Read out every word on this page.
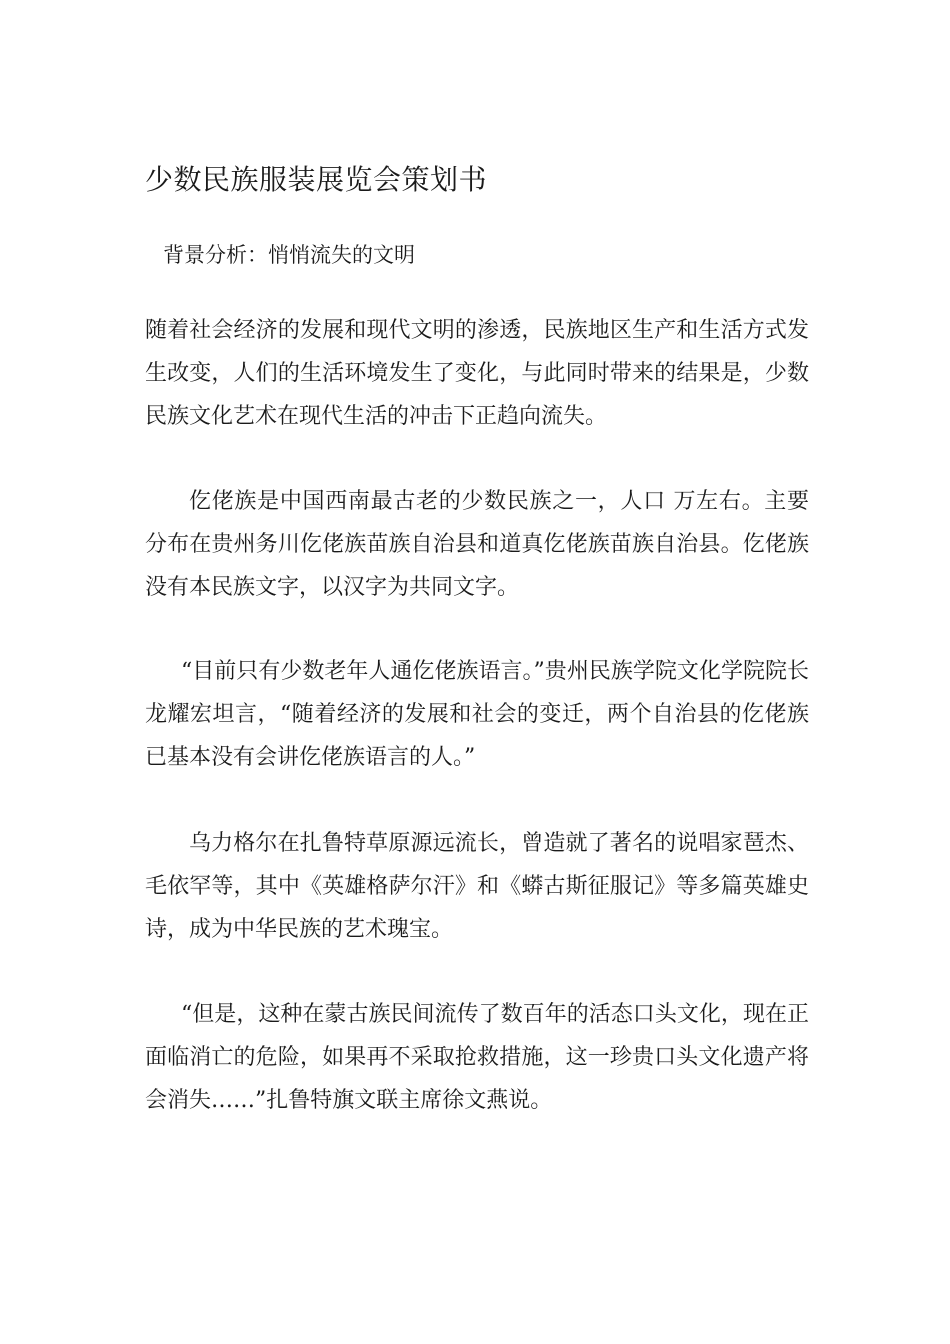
少数民族服装展览会策划书
背景分析：悄悄流失的文明

随着社会经济的发展和现代文明的渗透，民族地区生产和生活方式发生改变，人们的生活环境发生了变化，与此同时带来的结果是，少数民族文化艺术在现代生活的冲击下正趋向流失。

仡佬族是中国西南最古老的少数民族之一，人口 万左右。主要分布在贵州务川仡佬族苗族自治县和道真仡佬族苗族自治县。仡佬族没有本民族文字，以汉字为共同文字。

“目前只有少数老年人通仡佬族语言。”贵州民族学院文化学院院长龙耀宏坦言，“随着经济的发展和社会的变迁，两个自治县的仡佬族已基本没有会讲仡佬族语言的人。”

乌力格尔在扎鲁特草原源远流长，曾造就了著名的说唱家琶杰、毛依罕等，其中《英雄格萨尔汗》和《蟒古斯征服记》等多篇英雄史诗，成为中华民族的艺术瑰宝。

“但是，这种在蒙古族民间流传了数百年的活态口头文化，现在正面临消亡的危险，如果再不采取抢救措施，这一珍贵口头文化遗产将会消失……”扎鲁特旗文联主席徐文燕说。
